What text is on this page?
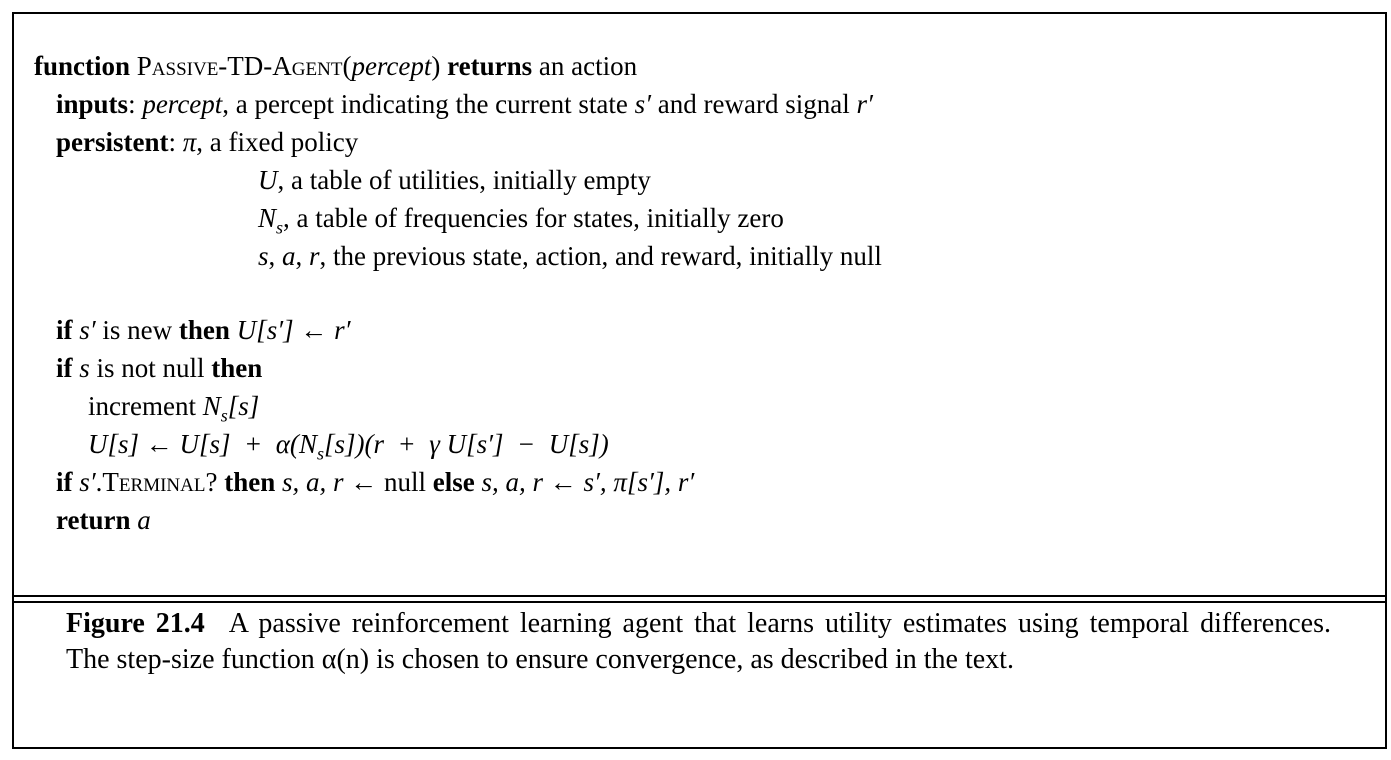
function Passive-TD-Agent(percept) returns an action
inputs: percept, a percept indicating the current state s′ and reward signal r′
persistent: π, a fixed policy
U, a table of utilities, initially empty
$N_s$, a table of frequencies for states, initially zero
s, a, r, the previous state, action, and reward, initially null
if s′ is new then U[s′] ← r′
if s is not null then
increment $N_s[s]$
U[s] ← $U[s] + \alpha(N_s[s])(r + \gamma$ U[s′]  −  U[s])
if s′.Terminal? then s, a, r ← null else s, a, r ← s′, π[s′], r′
return a
Figure 21.4 A passive reinforcement learning agent that learns utility estimates using temporal differences. The step-size function α(n) is chosen to ensure convergence, as described in the text.
